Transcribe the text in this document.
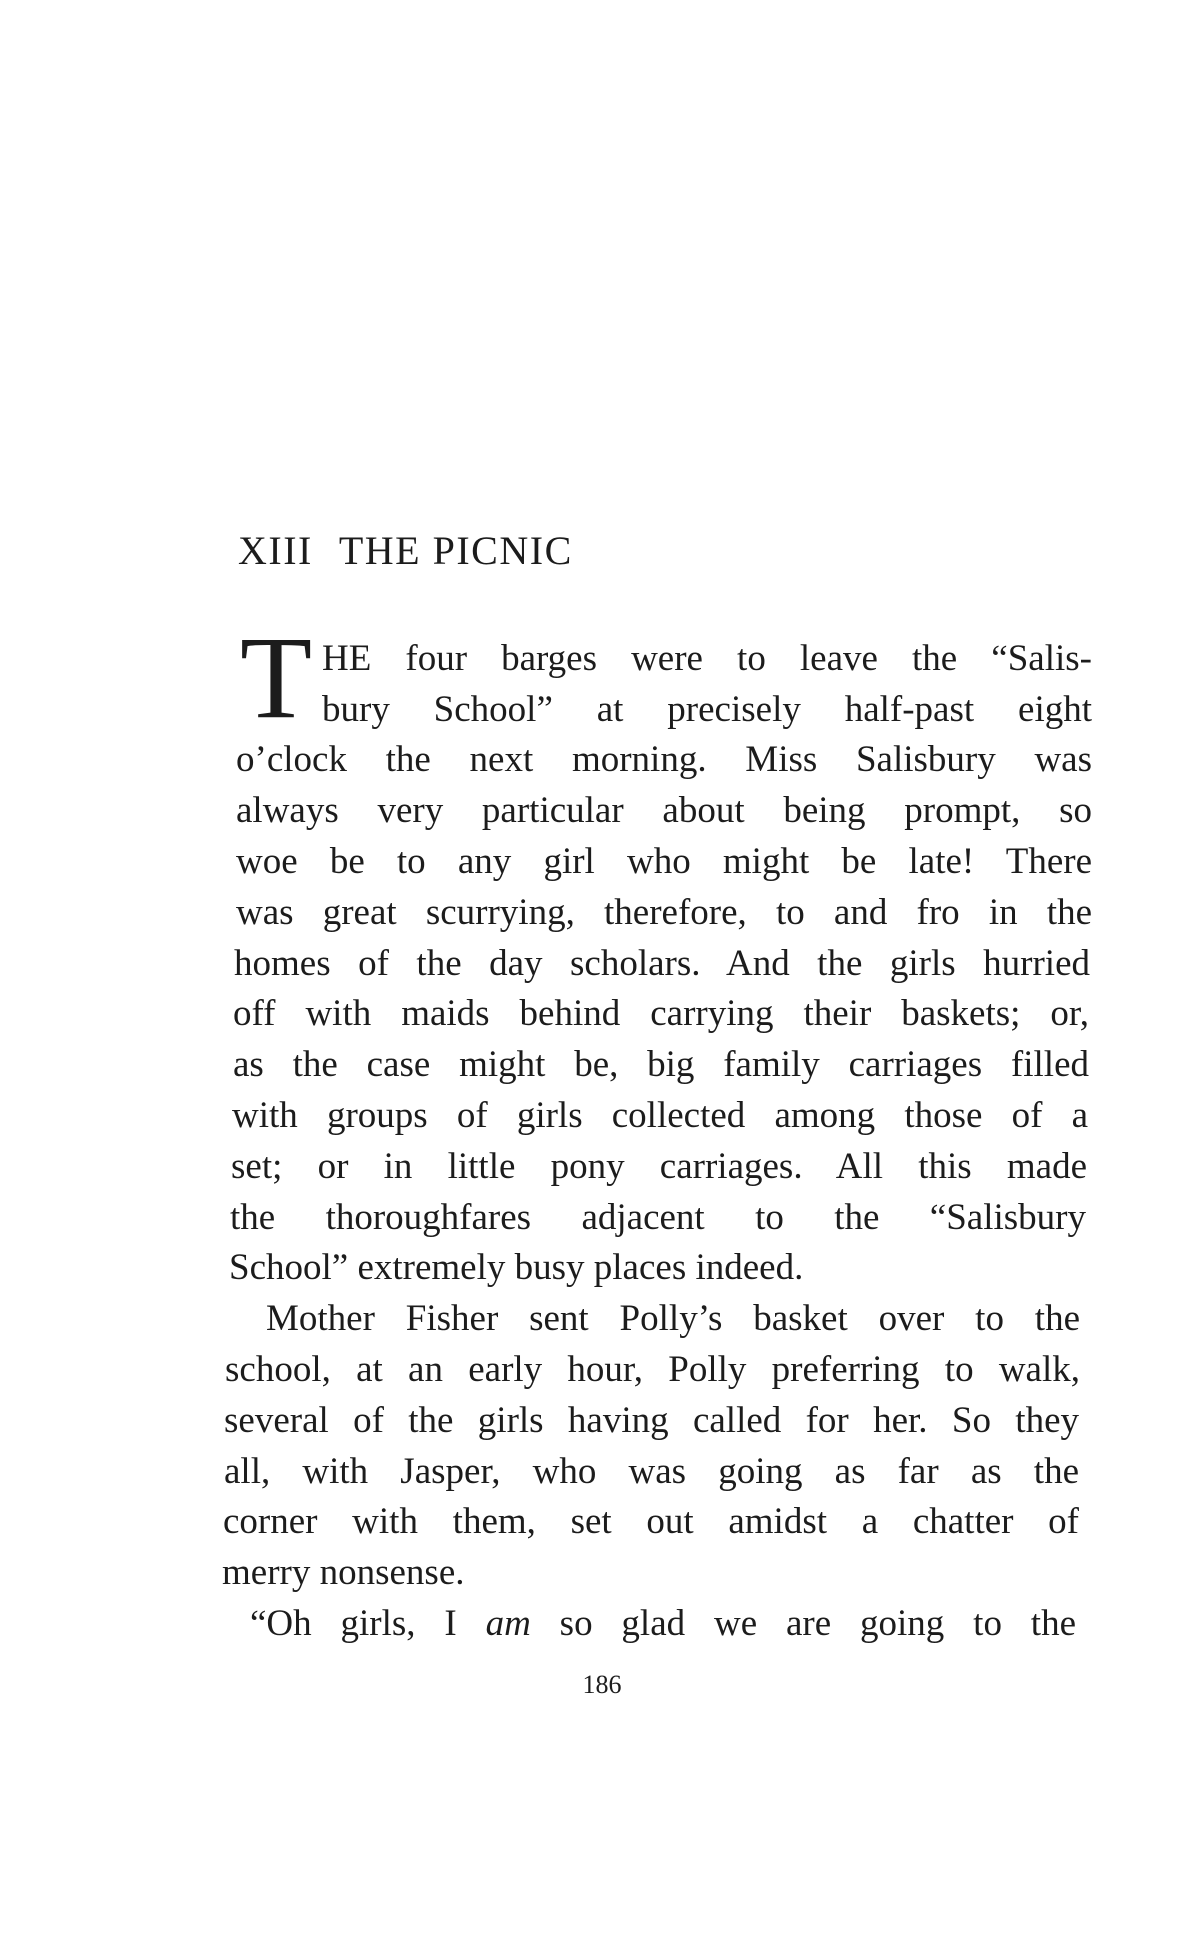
XIII THE PICNIC
T HE four barges were to leave the “Salis-
bury School” at precisely half-past eight
o’clock the next morning. Miss Salisbury was
always very particular about being prompt, so
woe be to any girl who might be late! There
was great scurrying, therefore, to and fro in the
homes of the day scholars. And the girls hurried
off with maids behind carrying their baskets; or,
as the case might be, big family carriages filled
with groups of girls collected among those of a
set; or in little pony carriages. All this made
the thoroughfares adjacent to the “Salisbury
School” extremely busy places indeed.
Mother Fisher sent Polly’s basket over to the
school, at an early hour, Polly preferring to walk,
several of the girls having called for her. So they
all, with Jasper, who was going as far as the
corner with them, set out amidst a chatter of
merry nonsense.
“Oh girls, I am so glad we are going to the
186
